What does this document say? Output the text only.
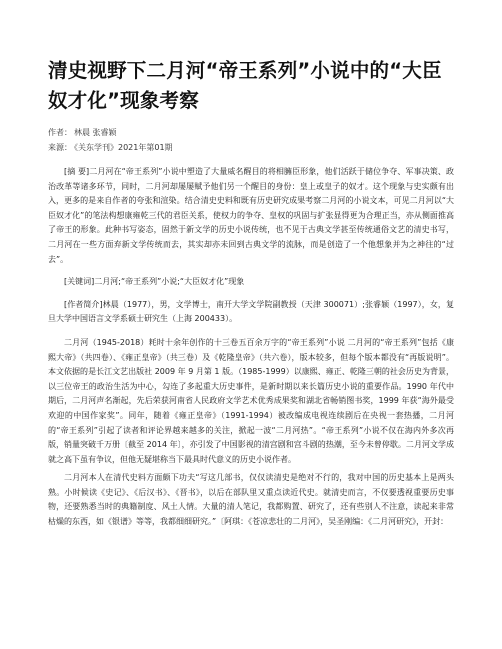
清史视野下二月河“帝王系列”小说中的“大臣奴才化”现象考察
作者： 林晨 张睿颖
来源： 《关东学刊》2021年第01期

[摘 要]二月河在“帝王系列”小说中塑造了大量威名醒目的将相臃臣形象，他们活跃于储位争夺、军事决策、政治改革等诸多环节，同时，二月河却屡屡赋予他们另一个醒目的身份：皇上或皇子的奴才。这个现象与史实颇有出入，更多的是来自作者的夸张和渲染。结合清史史料和既有历史研究成果考察二月河的小说文本，可见二月河以“大臣奴才化”的笔法构想康雍乾三代的君臣关系，使权力的争夺、皇权的巩固与扩张显得更为合理正当，亦从侧面推高了帝王的形象。此种书写姿态，固然于新文学的历史小说传统，也不见于古典文学甚至传统通俗文艺的清史书写，二月河在一些方面弃新文学传统而去，其实却亦未回到古典文学的流脉，而是创造了一个他想象并为之神往的“过去”。

[关键词]二月河;“帝王系列”小说;“大臣奴才化”现象

[作者简介]林晨（1977），男，文学博士，南开大学文学院副教授（天津 300071）;张睿颖（1997），女，复旦大学中国语言文学系硕士研究生（上海 200433）。

二月河（1945-2018）耗时十余年创作的十三卷五百余万字的“帝王系列”小说 二月河的“帝王系列”包括《康熙大帝》（共四卷）、《雍正皇帝》（共三卷）及《乾隆皇帝》（共六卷），版本较多，但每个版本都没有“再版说明”。本文依据的是长江文艺出版社 2009 年 9 月第 1 版。（1985-1999）以康熙、雍正、乾隆三朝的社会历史为背景，以三位帝王的政治生活为中心，勾连了多起重大历史事件，是新时期以来长篇历史小说的重要作品。1990 年代中期后，二月河声名渐起，先后荣获河南省人民政府文学艺术优秀成果奖和湖北省畅销图书奖，1999 年获“海外最受欢迎的中国作家奖”。同年，随着《雍正皇帝》（1991-1994）被改编成电视连续剧后在央视一套热播，二月河的“帝王系列”引起了读者和评论界越来越多的关注，掀起一波“二月河热”。“帝王系列”小说不仅在海内外多次再版，销量突破千万册〔截至 2014 年〕，亦引发了中国影视的清宫剧和宫斗剧的热潮，至今未曾停歇。二月河文学成就之高下虽有争议，但他无疑堪称当下最具时代意义的历史小说作者。

二月河本人在清代史料方面颇下功夫“写这几部书，仅仅读清史是绝对不行的，我对中国的历史基本上是两头熟。小时候读《史记》、《后汉书》、《晋书》，以后在部队里又重点读近代史。就清史而言，不仅要透视重要历史事物，还要熟悉当时的典籍制度、风土人情。大量的清人笔记，我都购置、研究了，还有些别人不注意，读起来非常枯燥的东西，如《银谱》等等，我都细细研究。”〔阿琪：《苍凉悲壮的二月河》，吴圣刚编：《二月河研究》，开封：
